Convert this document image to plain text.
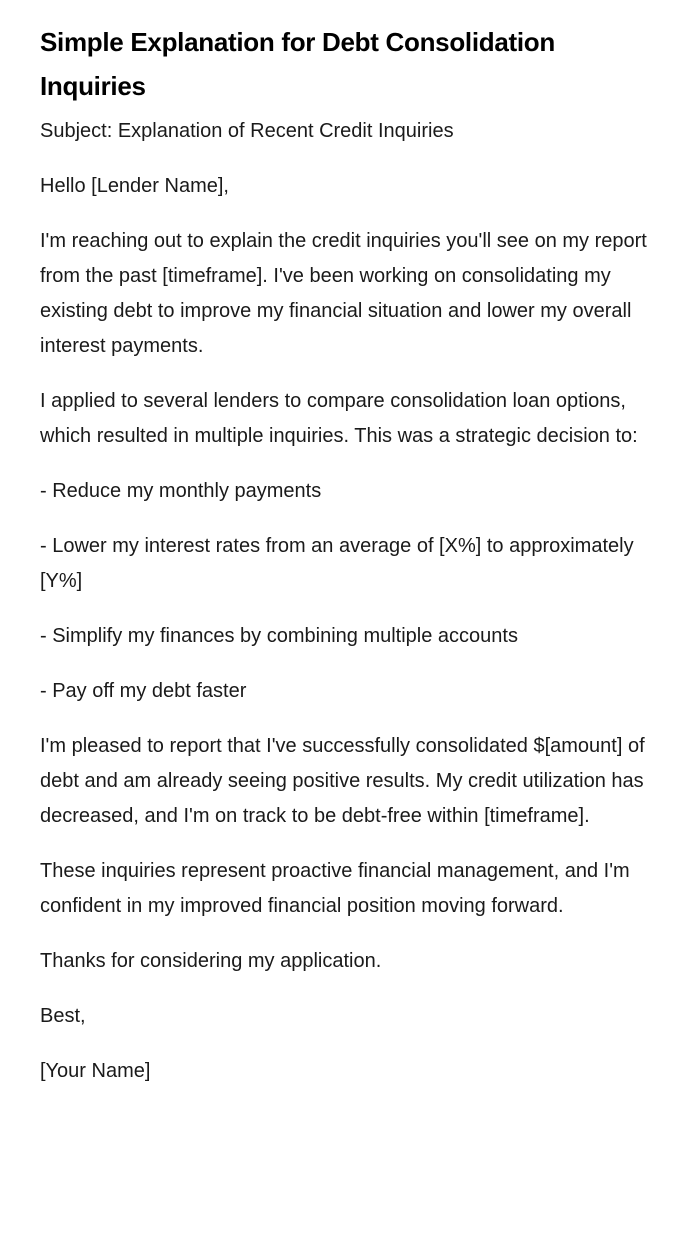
Simple Explanation for Debt Consolidation Inquiries

Subject: Explanation of Recent Credit Inquiries

Hello [Lender Name],

I'm reaching out to explain the credit inquiries you'll see on my report from the past [timeframe]. I've been working on consolidating my existing debt to improve my financial situation and lower my overall interest payments.

I applied to several lenders to compare consolidation loan options, which resulted in multiple inquiries. This was a strategic decision to:

- Reduce my monthly payments

- Lower my interest rates from an average of [X%] to approximately [Y%]

- Simplify my finances by combining multiple accounts

- Pay off my debt faster

I'm pleased to report that I've successfully consolidated $[amount] of debt and am already seeing positive results. My credit utilization has decreased, and I'm on track to be debt-free within [timeframe].

These inquiries represent proactive financial management, and I'm confident in my improved financial position moving forward.

Thanks for considering my application.

Best,

[Your Name]
